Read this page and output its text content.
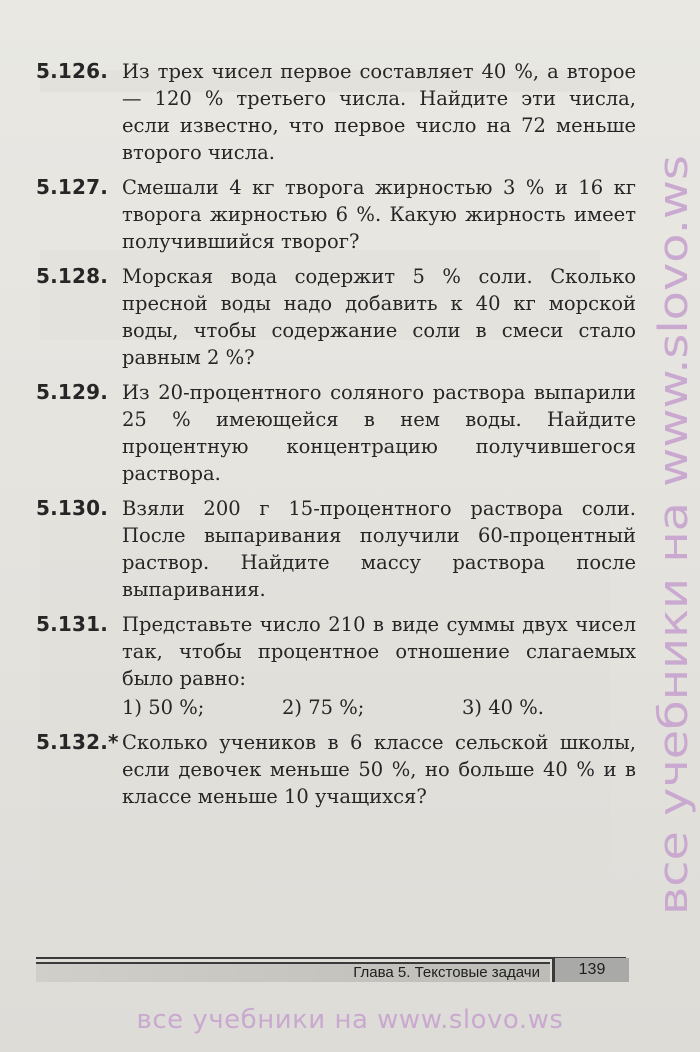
5.126. Из трех чисел первое составляет 40 %, а второе — 120 % третьего числа. Найдите эти числа, если известно, что первое число на 72 меньше второго числа.
5.127. Смешали 4 кг творога жирностью 3 % и 16 кг творога жирностью 6 %. Какую жирность имеет получившийся творог?
5.128. Морская вода содержит 5 % соли. Сколько пресной воды надо добавить к 40 кг морской воды, чтобы содержание соли в смеси стало равным 2 %?
5.129. Из 20-процентного соляного раствора выпарили 25 % имеющейся в нем воды. Найдите процентную концентрацию получившегося раствора.
5.130. Взяли 200 г 15-процентного раствора соли. После выпаривания получили 60-процентный раствор. Найдите массу раствора после выпаривания.
5.131. Представьте число 210 в виде суммы двух чисел так, чтобы процентное отношение слагаемых было равно:
1) 50 %;	2) 75 %;	3) 40 %.
5.132.* Сколько учеников в 6 классе сельской школы, если девочек меньше 50 %, но больше 40 % и в классе меньше 10 учащихся?
Глава 5. Текстовые задачи 139
все учебники на www.slovo.ws
все учебники на www.slovo.ws
